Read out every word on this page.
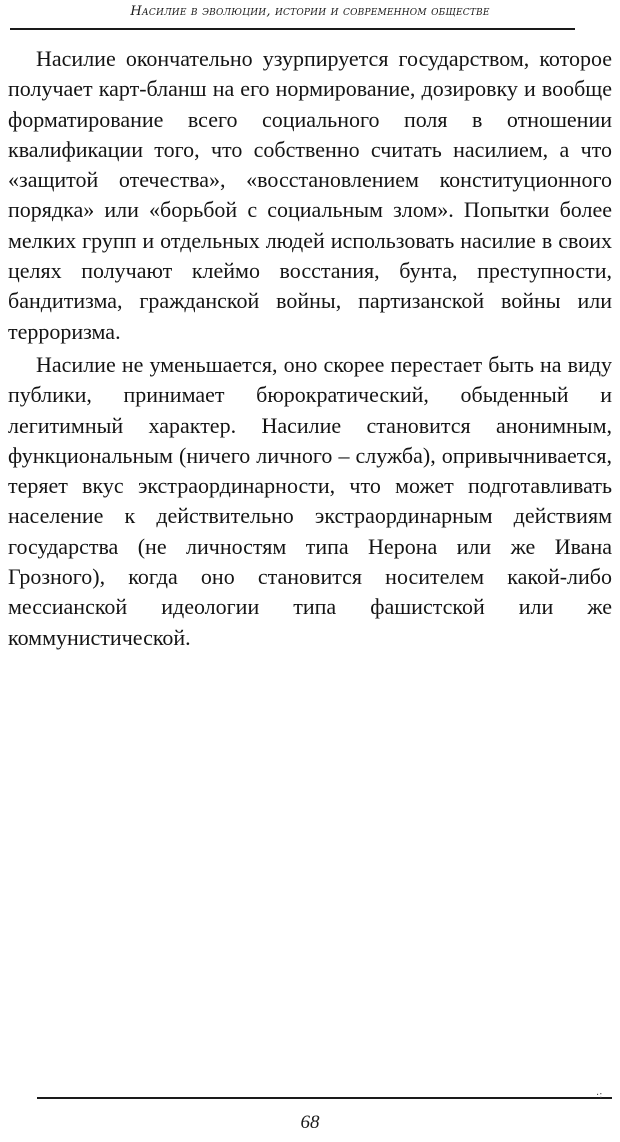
Насилие в эволюции, истории и современном обществе

Насилие окончательно узурпируется государством, которое получает карт-бланш на его нормирование, дозировку и вообще форматирование всего социального поля в отношении квалификации того, что собственно считать насилием, а что «защитой отечества», «восстановлением конституционного порядка» или «борьбой с социальным злом». Попытки более мелких групп и отдельных людей использовать насилие в своих целях получают клеймо восстания, бунта, преступности, бандитизма, гражданской войны, партизанской войны или терроризма.

Насилие не уменьшается, оно скорее перестает быть на виду публики, принимает бюрократический, обыденный и легитимный характер. Насилие становится анонимным, функциональным (ничего личного – служба), опривычнивается, теряет вкус экстраординарности, что может подготавливать население к действительно экстраординарным действиям государства (не личностям типа Нерона или же Ивана Грозного), когда оно становится носителем какой-либо мессианской идеологии типа фашистской или же коммунистической.

·:
68
